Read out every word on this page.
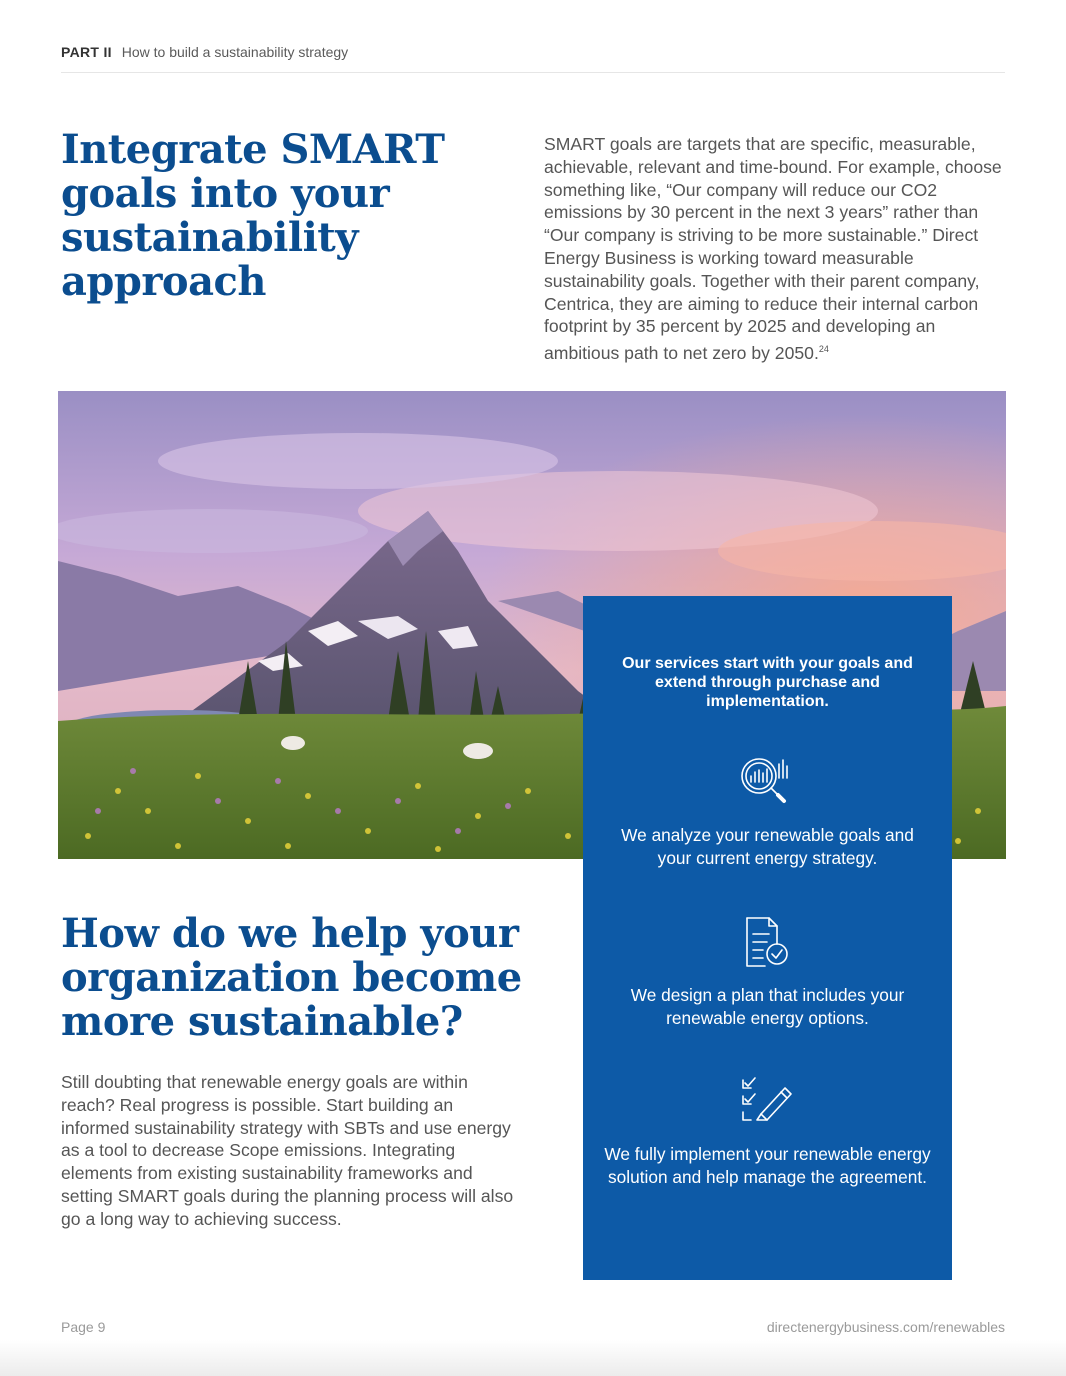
PART II How to build a sustainability strategy
Integrate SMART goals into your sustainability approach

SMART goals are targets that are specific, measurable, achievable, relevant and time-bound. For example, choose something like, “Our company will reduce our CO2 emissions by 30 percent in the next 3 years” rather than “Our company is striving to be more sustainable.” Direct Energy Business is working toward measurable sustainability goals. Together with their parent company, Centrica, they are aiming to reduce their internal carbon footprint by 35 percent by 2025 and developing an ambitious path to net zero by 2050.24

How do we help your organization become more sustainable?

Still doubting that renewable energy goals are within reach? Real progress is possible. Start building an informed sustainability strategy with SBTs and use energy as a tool to decrease Scope emissions. Integrating elements from existing sustainability frameworks and setting SMART goals during the planning process will also go a long way to achieving success.

Our services start with your goals and extend through purchase and implementation.

We analyze your renewable goals and your current energy strategy.

We design a plan that includes your renewable energy options.

We fully implement your renewable energy solution and help manage the agreement.

Page 9	directenergybusiness.com/renewables
